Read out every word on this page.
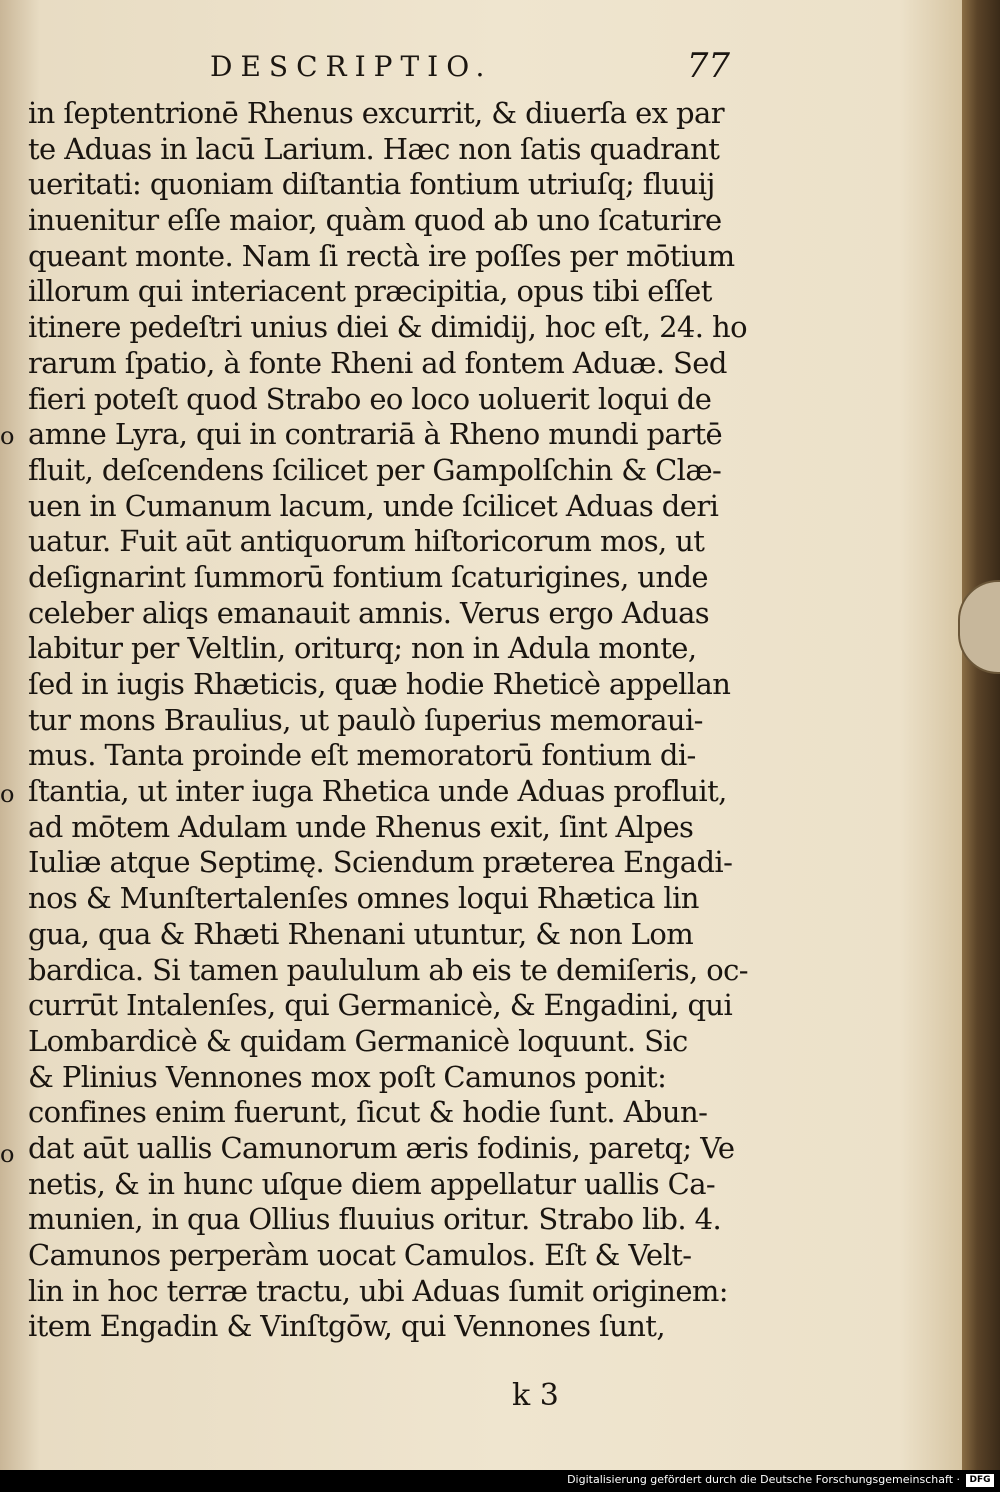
DESCRIPTIO.	77
o
o
o
in ſeptentrionē Rhenus excurrit, & diuerſa ex par
te Aduas in lacū Larium. Hæc non ſatis quadrant
ueritati: quoniam diſtantia fontium utriuſq; fluuij
inuenitur eſſe maior, quàm quod ab uno ſcaturire
queant monte. Nam ſi rectà ire poſſes per mōtium
illorum qui interiacent præcipitia, opus tibi eſſet
itinere pedeſtri unius diei & dimidij, hoc eſt, 24. ho
rarum ſpatio, à fonte Rheni ad fontem Aduæ. Sed
fieri poteſt quod Strabo eo loco uoluerit loqui de
amne Lyra, qui in contrariā à Rheno mundi partē
fluit, deſcendens ſcilicet per Gampolſchin & Clæ-
uen in Cumanum lacum, unde ſcilicet Aduas deri
uatur. Fuit aūt antiquorum hiſtoricorum mos, ut
deſignarint ſummorū fontium ſcaturigines, unde
celeber aliqs emanauit amnis. Verus ergo Aduas
labitur per Veltlin, oriturq; non in Adula monte,
ſed in iugis Rhæticis, quæ hodie Rheticè appellan
tur mons Braulius, ut paulò ſuperius memoraui-
mus. Tanta proinde eſt memoratorū fontium di-
ſtantia, ut inter iuga Rhetica unde Aduas profluit,
ad mōtem Adulam unde Rhenus exit, ſint Alpes
Iuliæ atque Septimę. Sciendum præterea Engadi-
nos & Munſtertalenſes omnes loqui Rhætica lin
gua, qua & Rhæti Rhenani utuntur, & non Lom
bardica. Si tamen paululum ab eis te demiſeris, oc-
currūt Intalenſes, qui Germanicè, & Engadini, qui
Lombardicè & quidam Germanicè loquunt. Sic
& Plinius Vennones mox poſt Camunos ponit:
confines enim fuerunt, ſicut & hodie ſunt. Abun-
dat aūt uallis Camunorum æris fodinis, paretq; Ve
netis, & in hunc uſque diem appellatur uallis Ca-
munien, in qua Ollius fluuius oritur. Strabo lib. 4.
Camunos perperàm uocat Camulos. Eſt & Velt-
lin in hoc terræ tractu, ubi Aduas ſumit originem:
item Engadin & Vinſtgōw, qui Vennones ſunt,
k 3
Digitalisierung gefördert durch die Deutsche Forschungsgemeinschaft ·	DFG
